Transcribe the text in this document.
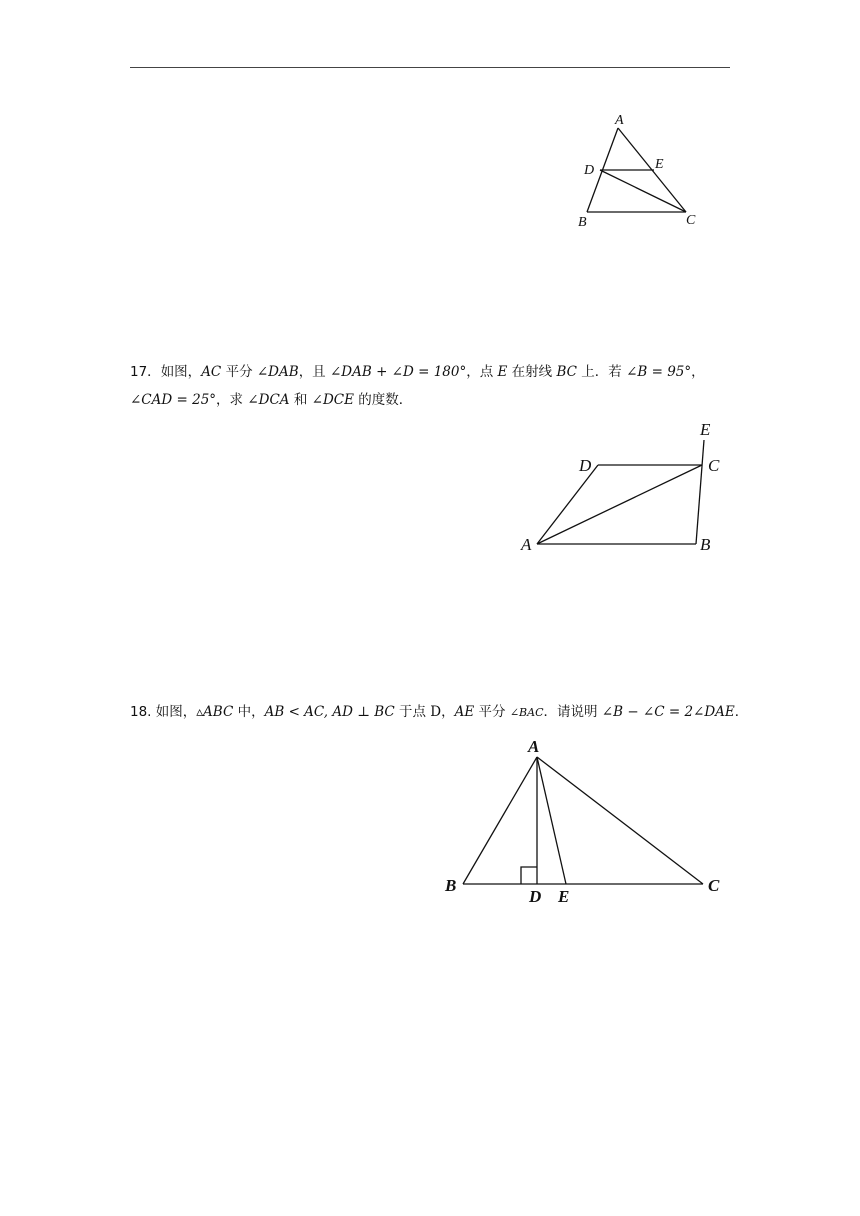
A
D	E
B	C
17．如图，AC 平分 ∠DAB，且 ∠DAB + ∠D = 180°，点 E 在射线 BC 上．若 ∠B = 95°，
∠CAD = 25°，求 ∠DCA 和 ∠DCE 的度数．
E
D	C
A	B
18. 如图，▵ABC 中，AB < AC, AD ⊥ BC 于点 D，AE 平分 ∠BAC．请说明 ∠B − ∠C = 2∠DAE．
A
B
D E
C
